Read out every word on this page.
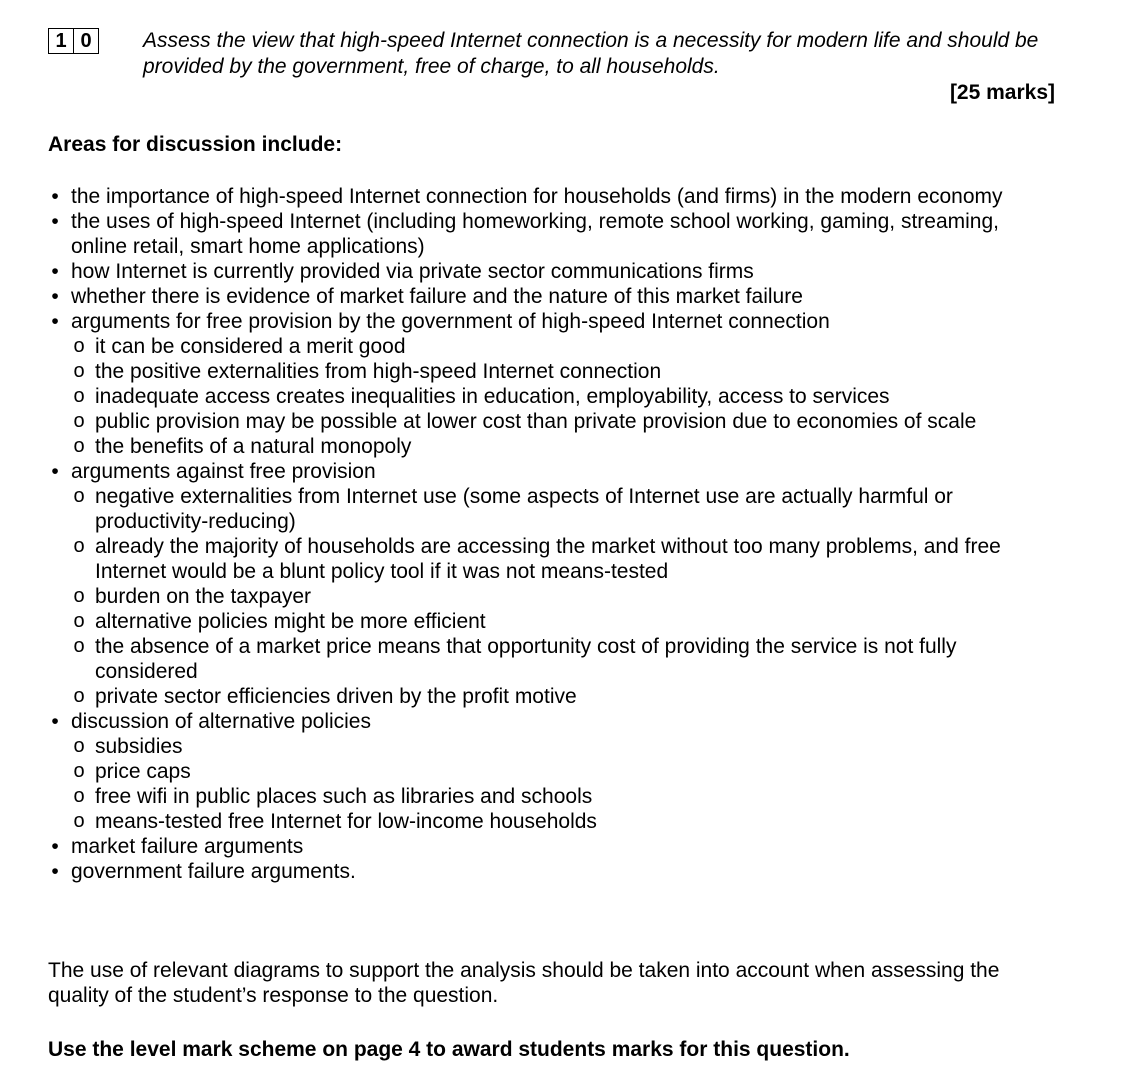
1 0	Assess the view that high-speed Internet connection is a necessity for modern life and should be provided by the government, free of charge, to all households.
[25 marks]
Areas for discussion include:
• the importance of high-speed Internet connection for households (and firms) in the modern economy
• the uses of high-speed Internet (including homeworking, remote school working, gaming, streaming, online retail, smart home applications)
• how Internet is currently provided via private sector communications firms
• whether there is evidence of market failure and the nature of this market failure
• arguments for free provision by the government of high-speed Internet connection
o it can be considered a merit good
o the positive externalities from high-speed Internet connection
o inadequate access creates inequalities in education, employability, access to services
o public provision may be possible at lower cost than private provision due to economies of scale
o the benefits of a natural monopoly
• arguments against free provision
o negative externalities from Internet use (some aspects of Internet use are actually harmful or productivity-reducing)
o already the majority of households are accessing the market without too many problems, and free Internet would be a blunt policy tool if it was not means-tested
o burden on the taxpayer
o alternative policies might be more efficient
o the absence of a market price means that opportunity cost of providing the service is not fully considered
o private sector efficiencies driven by the profit motive
• discussion of alternative policies
o subsidies
o price caps
o free wifi in public places such as libraries and schools
o means-tested free Internet for low-income households
• market failure arguments
• government failure arguments.
The use of relevant diagrams to support the analysis should be taken into account when assessing the quality of the student’s response to the question.
Use the level mark scheme on page 4 to award students marks for this question.
